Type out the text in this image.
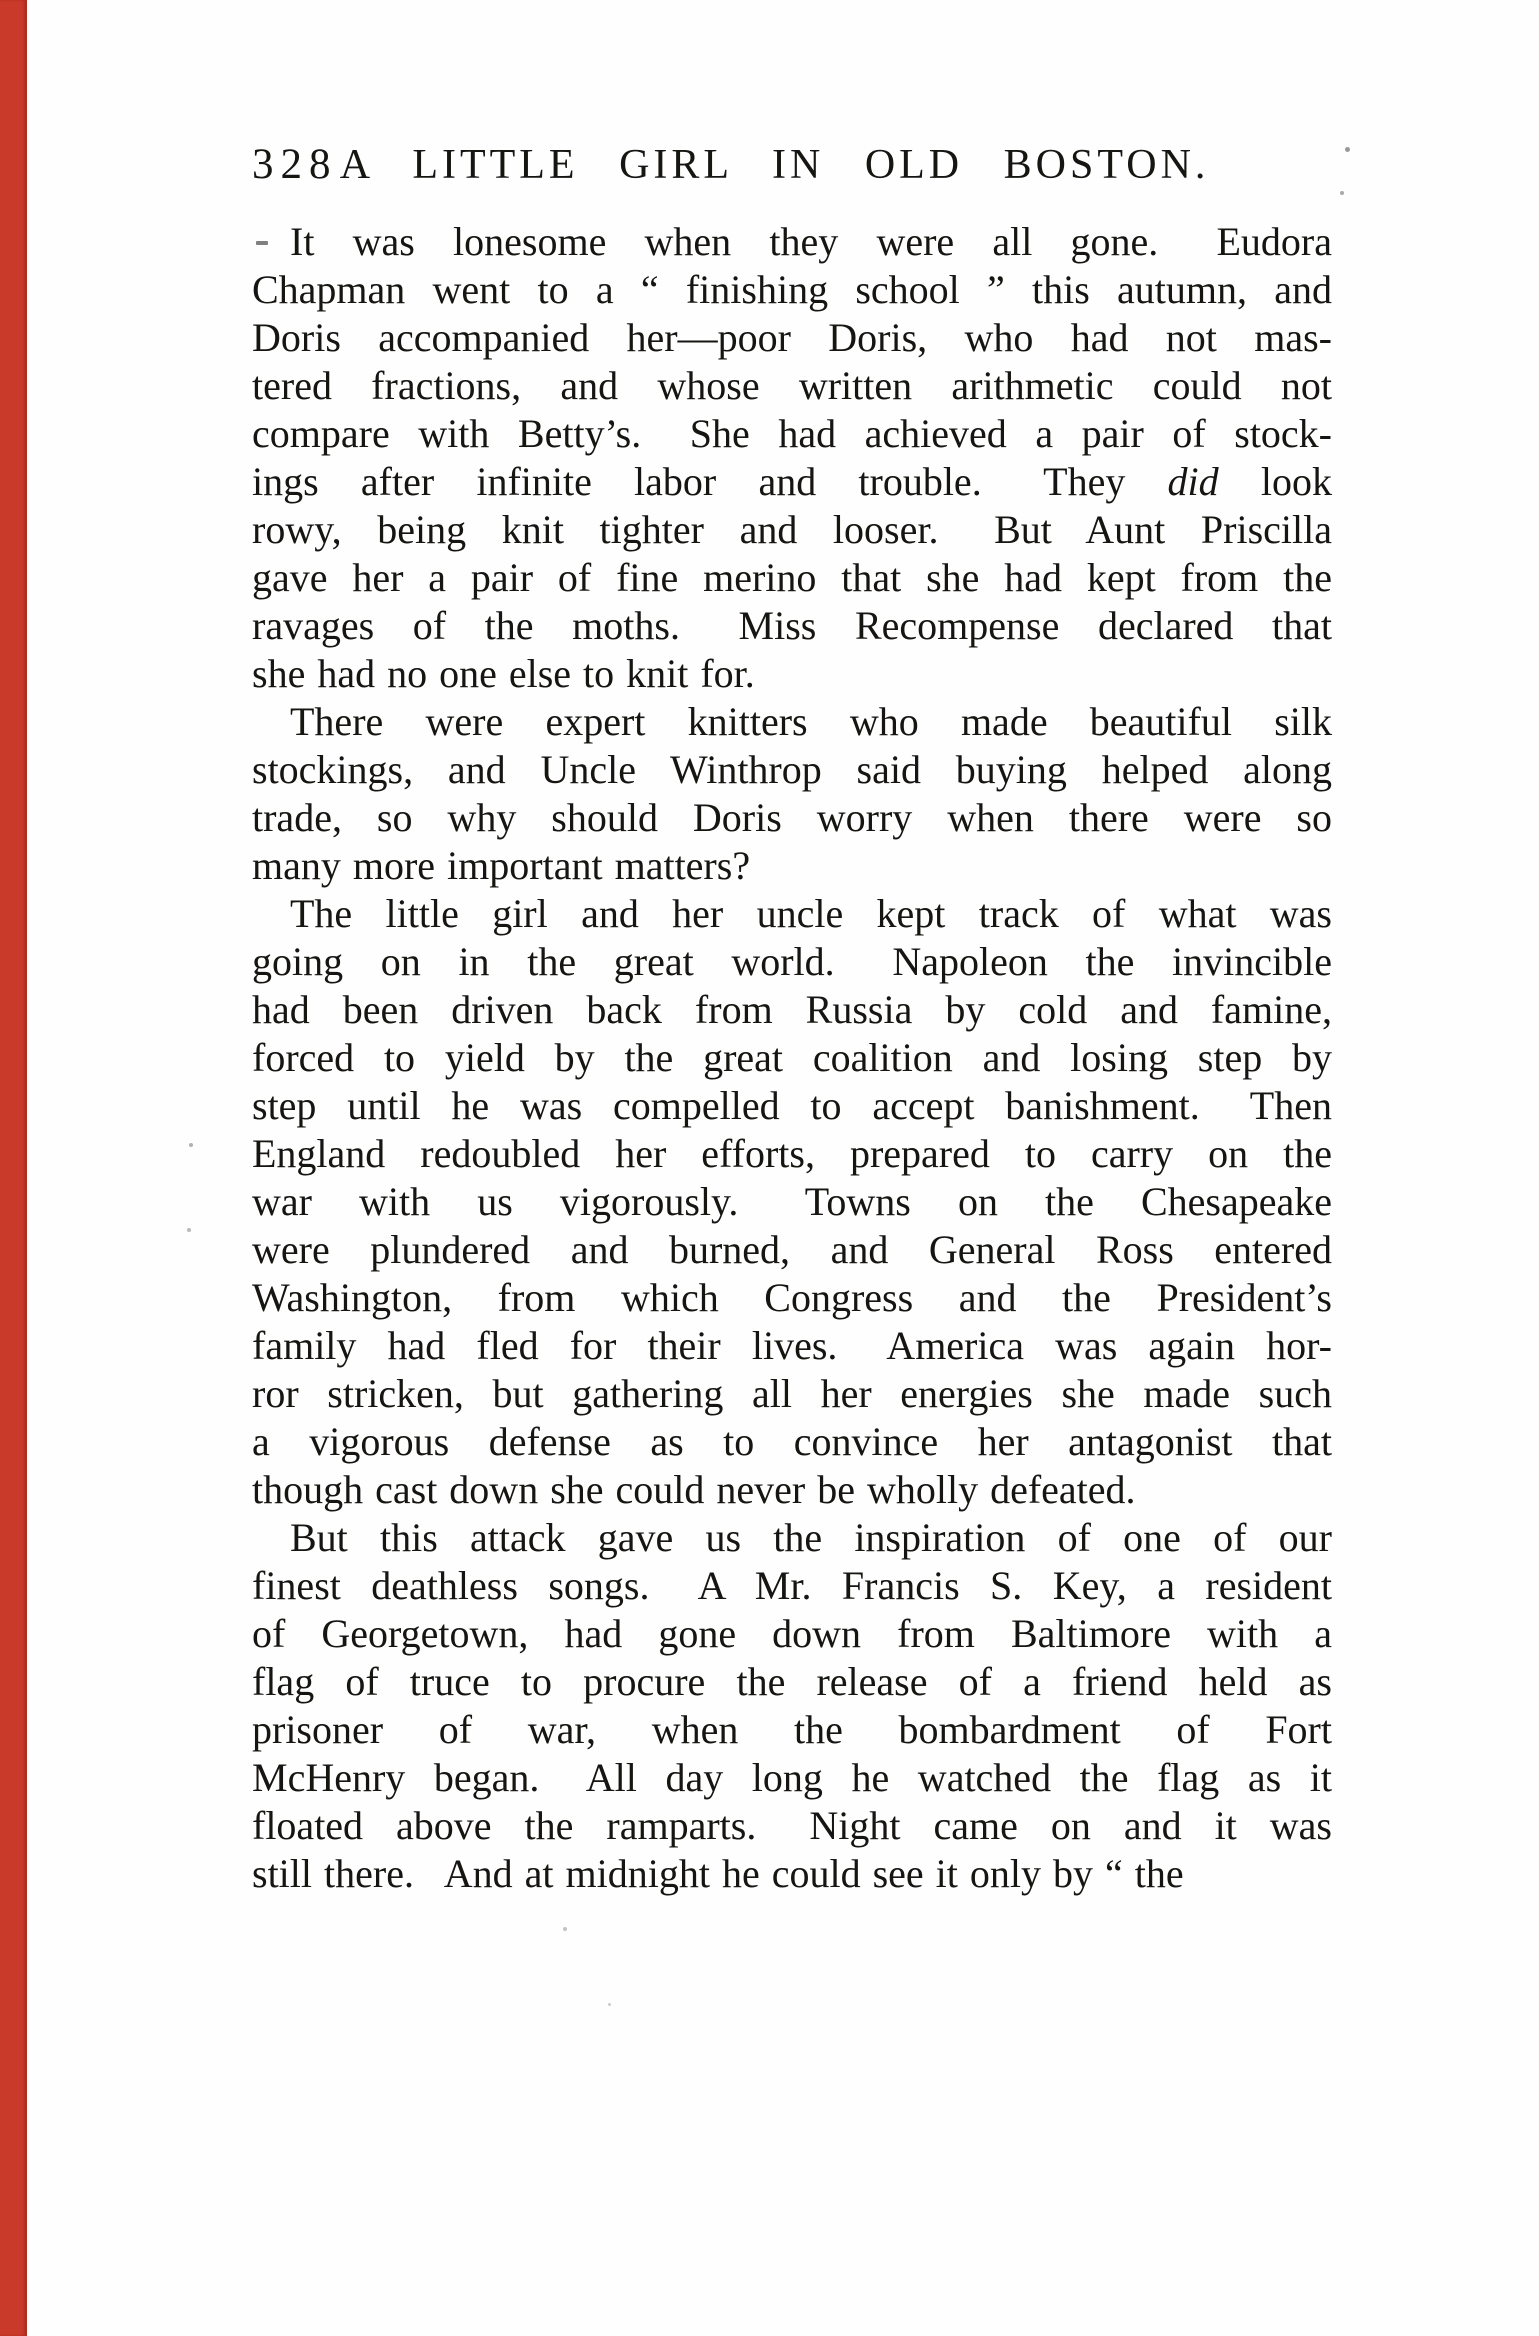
328 A LITTLE GIRL IN OLD BOSTON.
It was lonesome when they were all gone.  Eudora
Chapman went to a “ finishing school ” this autumn, and
Doris accompanied her—poor Doris, who had not mas-
tered fractions, and whose written arithmetic could not
compare with Betty’s.  She had achieved a pair of stock-
ings after infinite labor and trouble.  They did look
rowy, being knit tighter and looser.  But Aunt Priscilla
gave her a pair of fine merino that she had kept from the
ravages of the moths.  Miss Recompense declared that
she had no one else to knit for.
There were expert knitters who made beautiful silk
stockings, and Uncle Winthrop said buying helped along
trade, so why should Doris worry when there were so
many more important matters?
The little girl and her uncle kept track of what was
going on in the great world.  Napoleon the invincible
had been driven back from Russia by cold and famine,
forced to yield by the great coalition and losing step by
step until he was compelled to accept banishment.  Then
England redoubled her efforts, prepared to carry on the
war with us vigorously.  Towns on the Chesapeake
were plundered and burned, and General Ross entered
Washington, from which Congress and the President’s
family had fled for their lives.  America was again hor-
ror stricken, but gathering all her energies she made such
a vigorous defense as to convince her antagonist that
though cast down she could never be wholly defeated.
But this attack gave us the inspiration of one of our
finest deathless songs.  A Mr. Francis S. Key, a resident
of Georgetown, had gone down from Baltimore with a
flag of truce to procure the release of a friend held as
prisoner of war, when the bombardment of Fort
McHenry began.  All day long he watched the flag as it
floated above the ramparts.  Night came on and it was
still there.  And at midnight he could see it only by “ the
